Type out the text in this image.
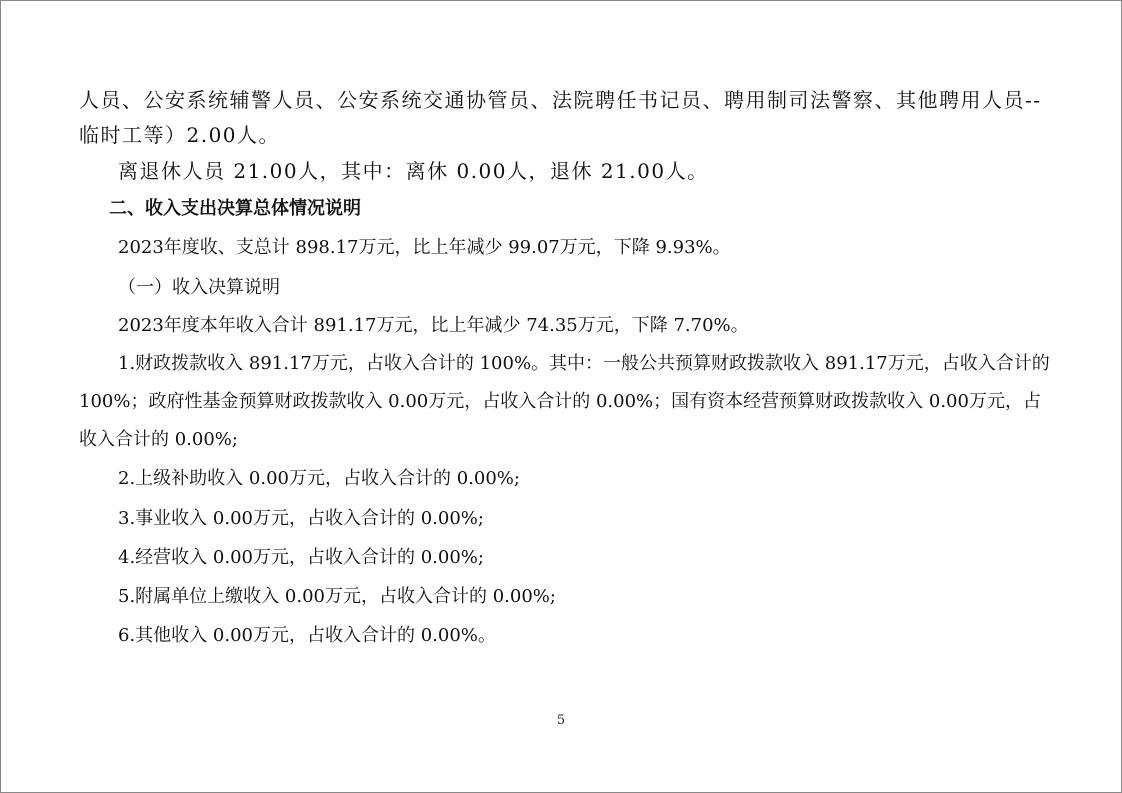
人员、公安系统辅警人员、公安系统交通协管员、法院聘任书记员、聘用制司法警察、其他聘用人员--

临时工等）2.00人。

离退休人员 21.00人，其中：离休 0.00人，退休 21.00人。

二、收入支出决算总体情况说明

2023年度收、支总计 898.17万元，比上年减少 99.07万元，下降 9.93%。

（一）收入决算说明

2023年度本年收入合计 891.17万元，比上年减少 74.35万元，下降 7.70%。

1.财政拨款收入 891.17万元，占收入合计的 100%。其中：一般公共预算财政拨款收入 891.17万元，占收入合计的

100%；政府性基金预算财政拨款收入 0.00万元，占收入合计的 0.00%；国有资本经营预算财政拨款收入 0.00万元，占

收入合计的 0.00%;

2.上级补助收入 0.00万元，占收入合计的 0.00%;

3.事业收入 0.00万元，占收入合计的 0.00%;

4.经营收入 0.00万元，占收入合计的 0.00%;

5.附属单位上缴收入 0.00万元，占收入合计的 0.00%;

6.其他收入 0.00万元，占收入合计的 0.00%。

5
